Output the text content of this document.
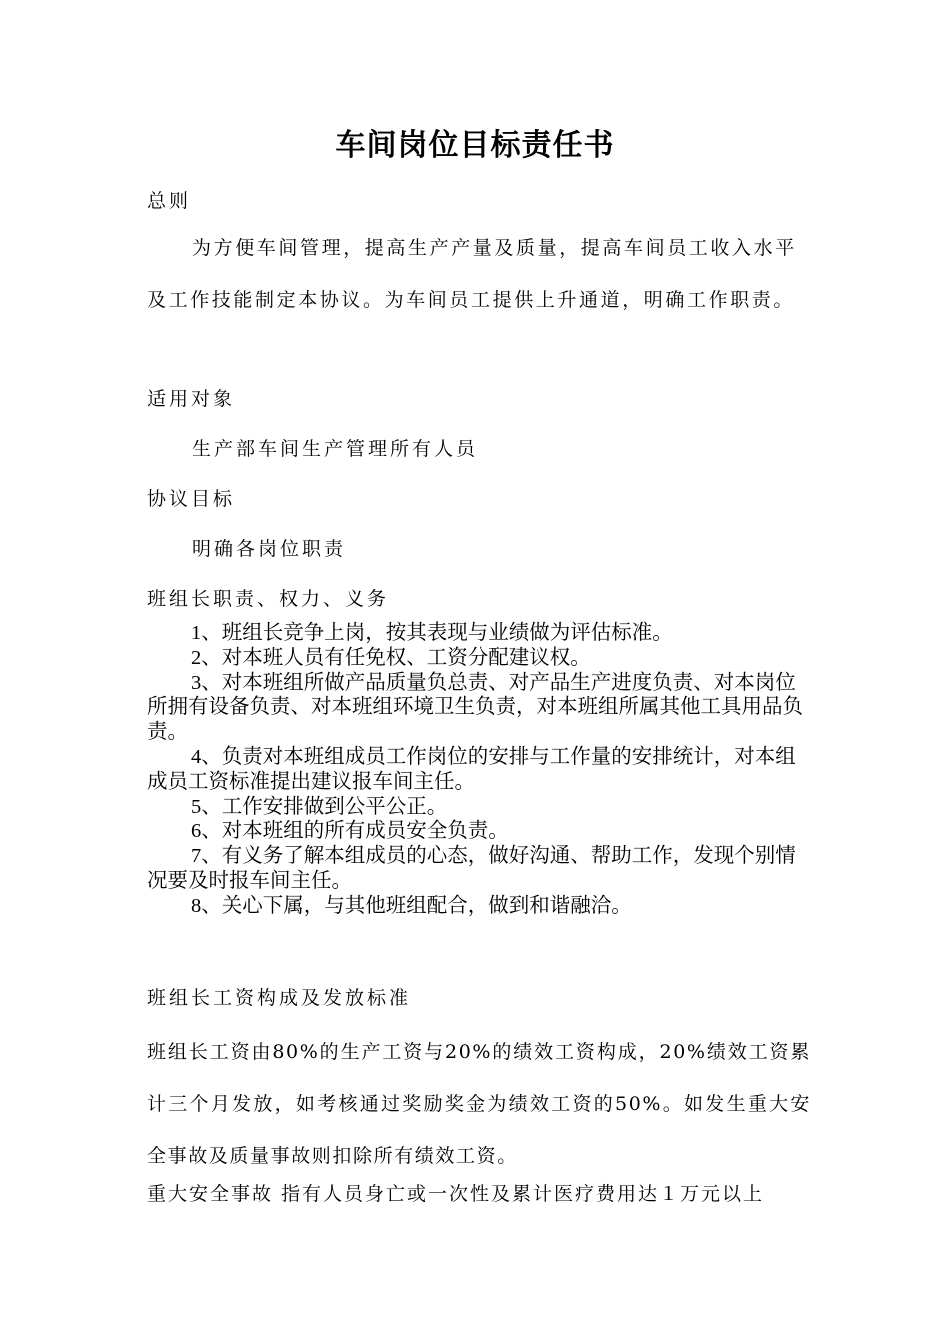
车间岗位目标责任书
总则
为方便车间管理，提高生产产量及质量，提高车间员工收入水平及工作技能制定本协议。为车间员工提供上升通道，明确工作职责。
适用对象
生产部车间生产管理所有人员
协议目标
明确各岗位职责
班组长职责、权力、义务
1、班组长竞争上岗，按其表现与业绩做为评估标准。
2、对本班人员有任免权、工资分配建议权。
3、对本班组所做产品质量负总责、对产品生产进度负责、对本岗位所拥有设备负责、对本班组环境卫生负责，对本班组所属其他工具用品负责。
4、负责对本班组成员工作岗位的安排与工作量的安排统计，对本组成员工资标准提出建议报车间主任。
5、工作安排做到公平公正。
6、对本班组的所有成员安全负责。
7、有义务了解本组成员的心态，做好沟通、帮助工作，发现个别情况要及时报车间主任。
8、关心下属，与其他班组配合，做到和谐融洽。
班组长工资构成及发放标准
班组长工资由80%的生产工资与20%的绩效工资构成，20%绩效工资累计三个月发放，如考核通过奖励奖金为绩效工资的50%。如发生重大安全事故及质量事故则扣除所有绩效工资。
重大安全事故 指有人员身亡或一次性及累计医疗费用达１万元以上
